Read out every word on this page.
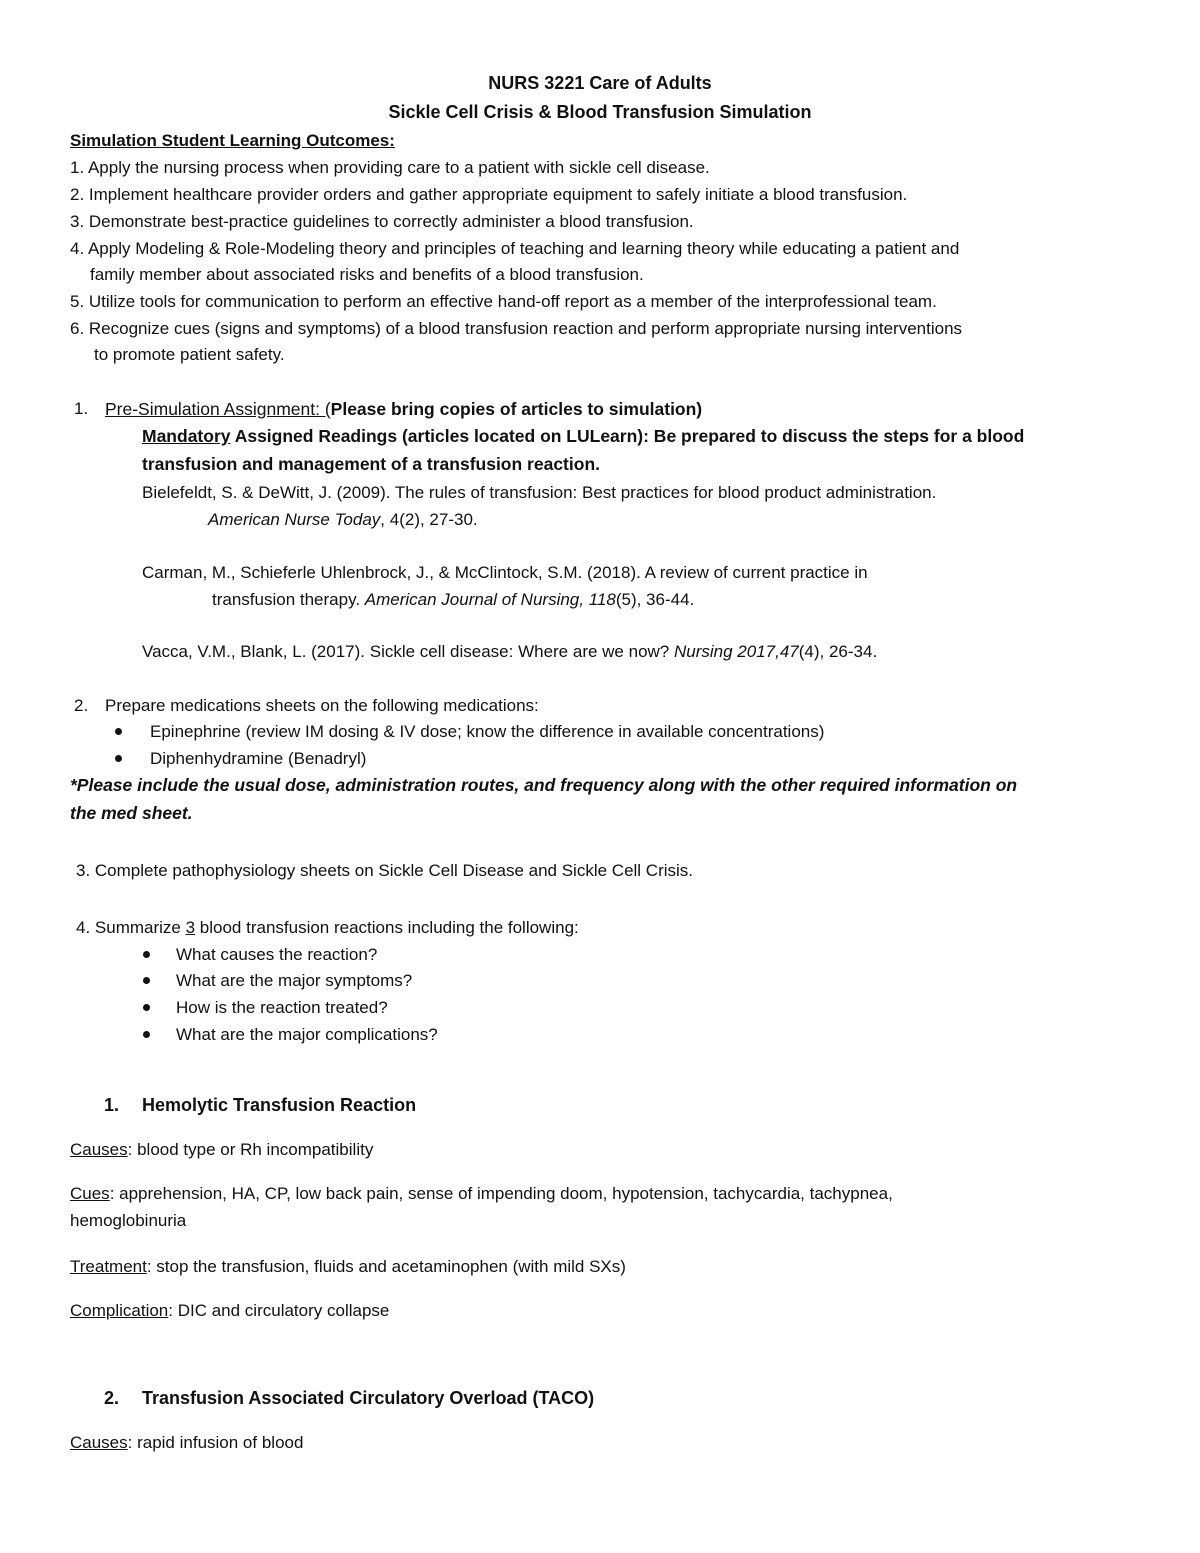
NURS 3221 Care of Adults
Sickle Cell Crisis & Blood Transfusion Simulation
Simulation Student Learning Outcomes:
1. Apply the nursing process when providing care to a patient with sickle cell disease.
2. Implement healthcare provider orders and gather appropriate equipment to safely initiate a blood transfusion.
3. Demonstrate best-practice guidelines to correctly administer a blood transfusion.
4. Apply Modeling & Role-Modeling theory and principles of teaching and learning theory while educating a patient and
family member about associated risks and benefits of a blood transfusion.
5. Utilize tools for communication to perform an effective hand-off report as a member of the interprofessional team.
6. Recognize cues (signs and symptoms) of a blood transfusion reaction and perform appropriate nursing interventions
to promote patient safety.
1. Pre-Simulation Assignment: (Please bring copies of articles to simulation)
Mandatory Assigned Readings (articles located on LULearn): Be prepared to discuss the steps for a blood
transfusion and management of a transfusion reaction.
Bielefeldt, S. & DeWitt, J. (2009). The rules of transfusion: Best practices for blood product administration.
American Nurse Today, 4(2), 27-30.
Carman, M., Schieferle Uhlenbrock, J., & McClintock, S.M. (2018). A review of current practice in
transfusion therapy. American Journal of Nursing, 118(5), 36-44.
Vacca, V.M., Blank, L. (2017). Sickle cell disease: Where are we now? Nursing 2017,47(4), 26-34.
2. Prepare medications sheets on the following medications:
Epinephrine (review IM dosing & IV dose; know the difference in available concentrations)
Diphenhydramine (Benadryl)
*Please include the usual dose, administration routes, and frequency along with the other required information on
the med sheet.
3. Complete pathophysiology sheets on Sickle Cell Disease and Sickle Cell Crisis.
4. Summarize 3 blood transfusion reactions including the following:
What causes the reaction?
What are the major symptoms?
How is the reaction treated?
What are the major complications?
1. Hemolytic Transfusion Reaction
Causes: blood type or Rh incompatibility
Cues: apprehension, HA, CP, low back pain, sense of impending doom, hypotension, tachycardia, tachypnea,
hemoglobinuria
Treatment: stop the transfusion, fluids and acetaminophen (with mild SXs)
Complication: DIC and circulatory collapse
2. Transfusion Associated Circulatory Overload (TACO)
Causes: rapid infusion of blood
